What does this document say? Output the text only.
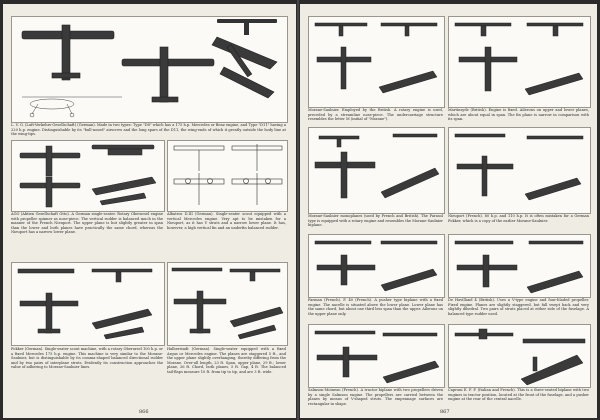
L. V. G. (Luft-Verkehrs-Gesellschaft) (German). Made in two types: Type "D8" which has a 175 h.p. Mercedes or Benz engine, and Type "D11" having a 220 h.p. engine. Distinguishable by its "bull-nosed" airscrew and the long spars of the D11, the wing-ends of which it greatly outside the body line at the wing-tips.
AGO (Aktien Gesellschaft Otto). A German single-seater. Rotary Oberursel engine with propeller spinner as nose-piece. The vertical rudder is balanced much in the manner of the French Nieuport. The upper plane is but slightly greater in span than the lower and both planes have practically the same chord, whereas the Nieuport has a narrow lower plane.
Albatros D.III (German). Single-seater scout equipped with a vertical Mercedes engine. Very apt to be mistaken for a Nieuport, as it has V struts and a narrow lower plane. It has, however, a high vertical fin and an underfin balanced rudder.
Fokker (German). Single-seater scout machine, with a rotary Oberursel 100 h.p. or a fixed Mercedes 175 h.p. engine. This machine is very similar to the Morane-Saulnier, but is distinguishable by its comma-shaped balanced directional rudder and by two pairs of interplane struts. Evidently its construction approaches the value of adhering to Morane-Saulnier lines.
Halberstadt (German). Single-seater equipped with a fixed Argus or Mercedes engine. The planes are staggered 5 ft., and the upper plane slightly overhanging, thereby differing from the Morane. Over-all length, 23 ft. Span, upper plane, 29 ft.; lower plane, 26 ft. Chord, both planes, 5 ft. Gap, 4 ft. The balanced tail-flaps measure 10 ft. from tip to tip, and are 3 ft. wide.
866
Morane-Saulnier. Employed by the British. A rotary engine is used, preceded by a streamline nose-piece. The undercarriage structure resembles the letter M (initial of "Morane").
Martinsyde (British). Engine is fixed. Ailerons on upper and lower planes, which are about equal in span. The fin plane is narrow in comparison with its span.
Morane-Saulnier monoplanes (used by French and British). The Parasol type is equipped with a rotary engine and resembles the Morane-Saulnier biplane.
Nieuport (French). 80 h.p. and 110 h.p. It is often mistaken for a German Fokker, which is a copy of the earlier Morane-Saulnier.
Farman (French). F. 40 (French). A pusher type biplane with a fixed engine. The nacelle is situated above the lower plane. Lower plane has the same chord, but about one third less span than the upper. Ailerons on the upper plane only.
De Havilland 4 (British). Uses a V-type engine and four-bladed propeller. Fixed engine. Planes are slightly staggered, but fall swept back and very slightly dihedral. Two pairs of struts placed at either side of the fuselage. A balanced type rudder used.
Salmson-Moineau (French). A tractor biplane with two propellers driven by a single Salmson engine. The propellers are carried between the planes by means of V-shaped struts. The empennage surfaces are rectangular in shape.
Caproni E. F. F. (Italian and French). This is a three-seated biplane with two engines in tractor position, located at the front of the fuselage, and a pusher engine at the rear of the central nacelle.
867
